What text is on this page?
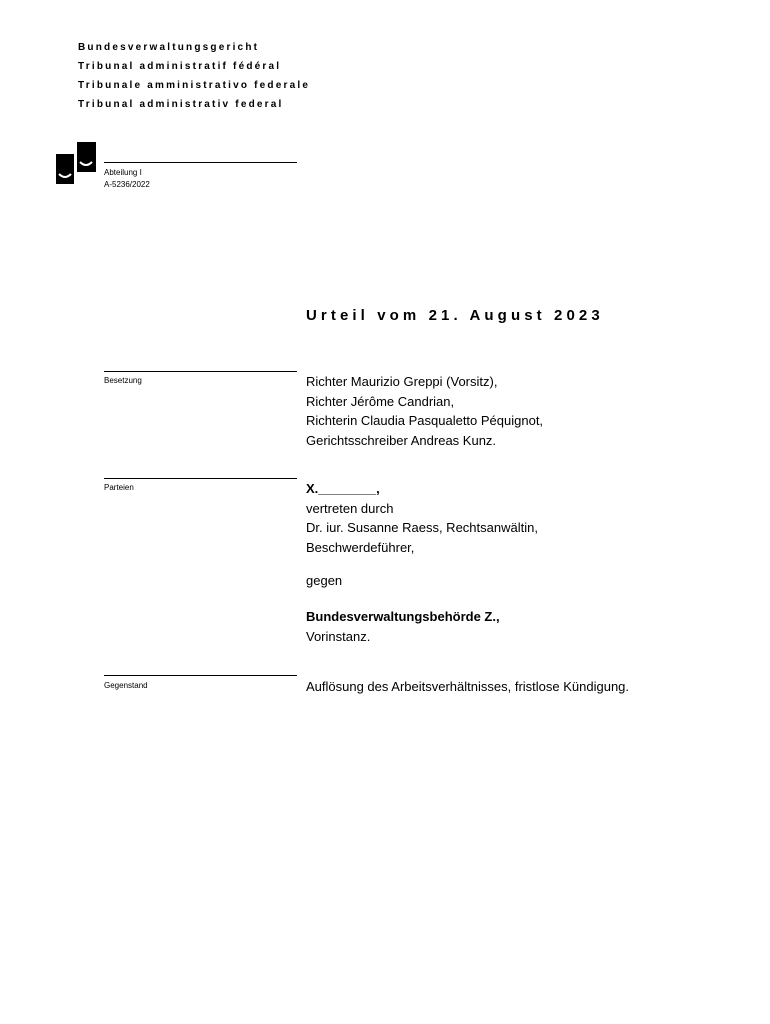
Bundesverwaltungsgericht
Tribunal administratif fédéral
Tribunale amministrativo federale
Tribunal administrativ federal
Abteilung I
A-5236/2022
Urteil vom 21. August 2023
Besetzung	Richter Maurizio Greppi (Vorsitz),
Richter Jérôme Candrian,
Richterin Claudia Pasqualetto Péquignot,
Gerichtsschreiber Andreas Kunz.
Parteien	X.________,
vertreten durch
Dr. iur. Susanne Raess, Rechtsanwältin,
Beschwerdeführer,
gegen
Bundesverwaltungsbehörde Z.,
Vorinstanz.
Gegenstand	Auflösung des Arbeitsverhältnisses, fristlose Kündigung.
